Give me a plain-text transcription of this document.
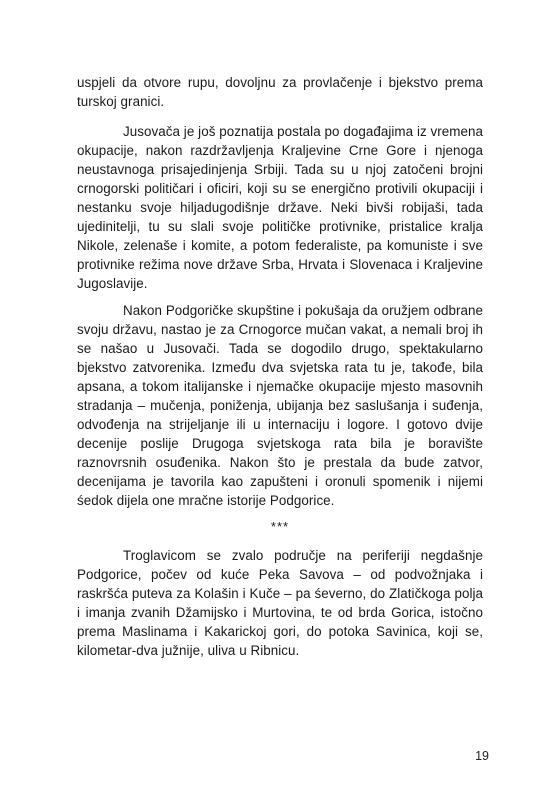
uspjeli da otvore rupu, dovoljnu za provlačenje i bjekstvo prema turskoj granici.

Jusovača je još poznatija postala po događajima iz vremena okupacije, nakon razdržavljenja Kraljevine Crne Gore i njenoga neustavnoga prisajedinjenja Srbiji. Tada su u njoj zatočeni brojni crnogorski političari i oficiri, koji su se energično protivili okupaciji i nestanku svoje hiljadugodišnje države. Neki bivši robijaši, tada ujedinitelji, tu su slali svoje političke protivnike, pristalice kralja Nikole, zelenaše i komite, a potom federaliste, pa komuniste i sve protivnike režima nove države Srba, Hrvata i Slovenaca i Kraljevine Jugoslavije.

Nakon Podgoričke skupštine i pokušaja da oružjem odbrane svoju državu, nastao je za Crnogorce mučan vakat, a nemali broj ih se našao u Jusovači. Tada se dogodilo drugo, spektakularno bjekstvo zatvorenika. Između dva svjetska rata tu je, takođe, bila apsana, a tokom italijanske i njemačke okupacije mjesto masovnih stradanja – mučenja, poniženja, ubijanja bez saslušanja i suđenja, odvođenja na strijeljanje ili u internaciju i logore. I gotovo dvije decenije poslije Drugoga svjetskoga rata bila je boravište raznovrsnih osuđenika. Nakon što je prestala da bude zatvor, decenijama je tavorila kao zapušteni i oronuli spomenik i nijemi śedok dijela one mračne istorije Podgorice.

***

Troglavicom se zvalo područje na periferiji negdašnje Podgorice, počev od kuće Peka Savova – od podvožnjaka i raskršća puteva za Kolašin i Kuče – pa śeverno, do Zlatičkoga polja i imanja zvanih Džamijsko i Murtovina, te od brda Gorica, istočno prema Maslinama i Kakarickoj gori, do potoka Savinica, koji se, kilometar-dva južnije, uliva u Ribnicu.

19
